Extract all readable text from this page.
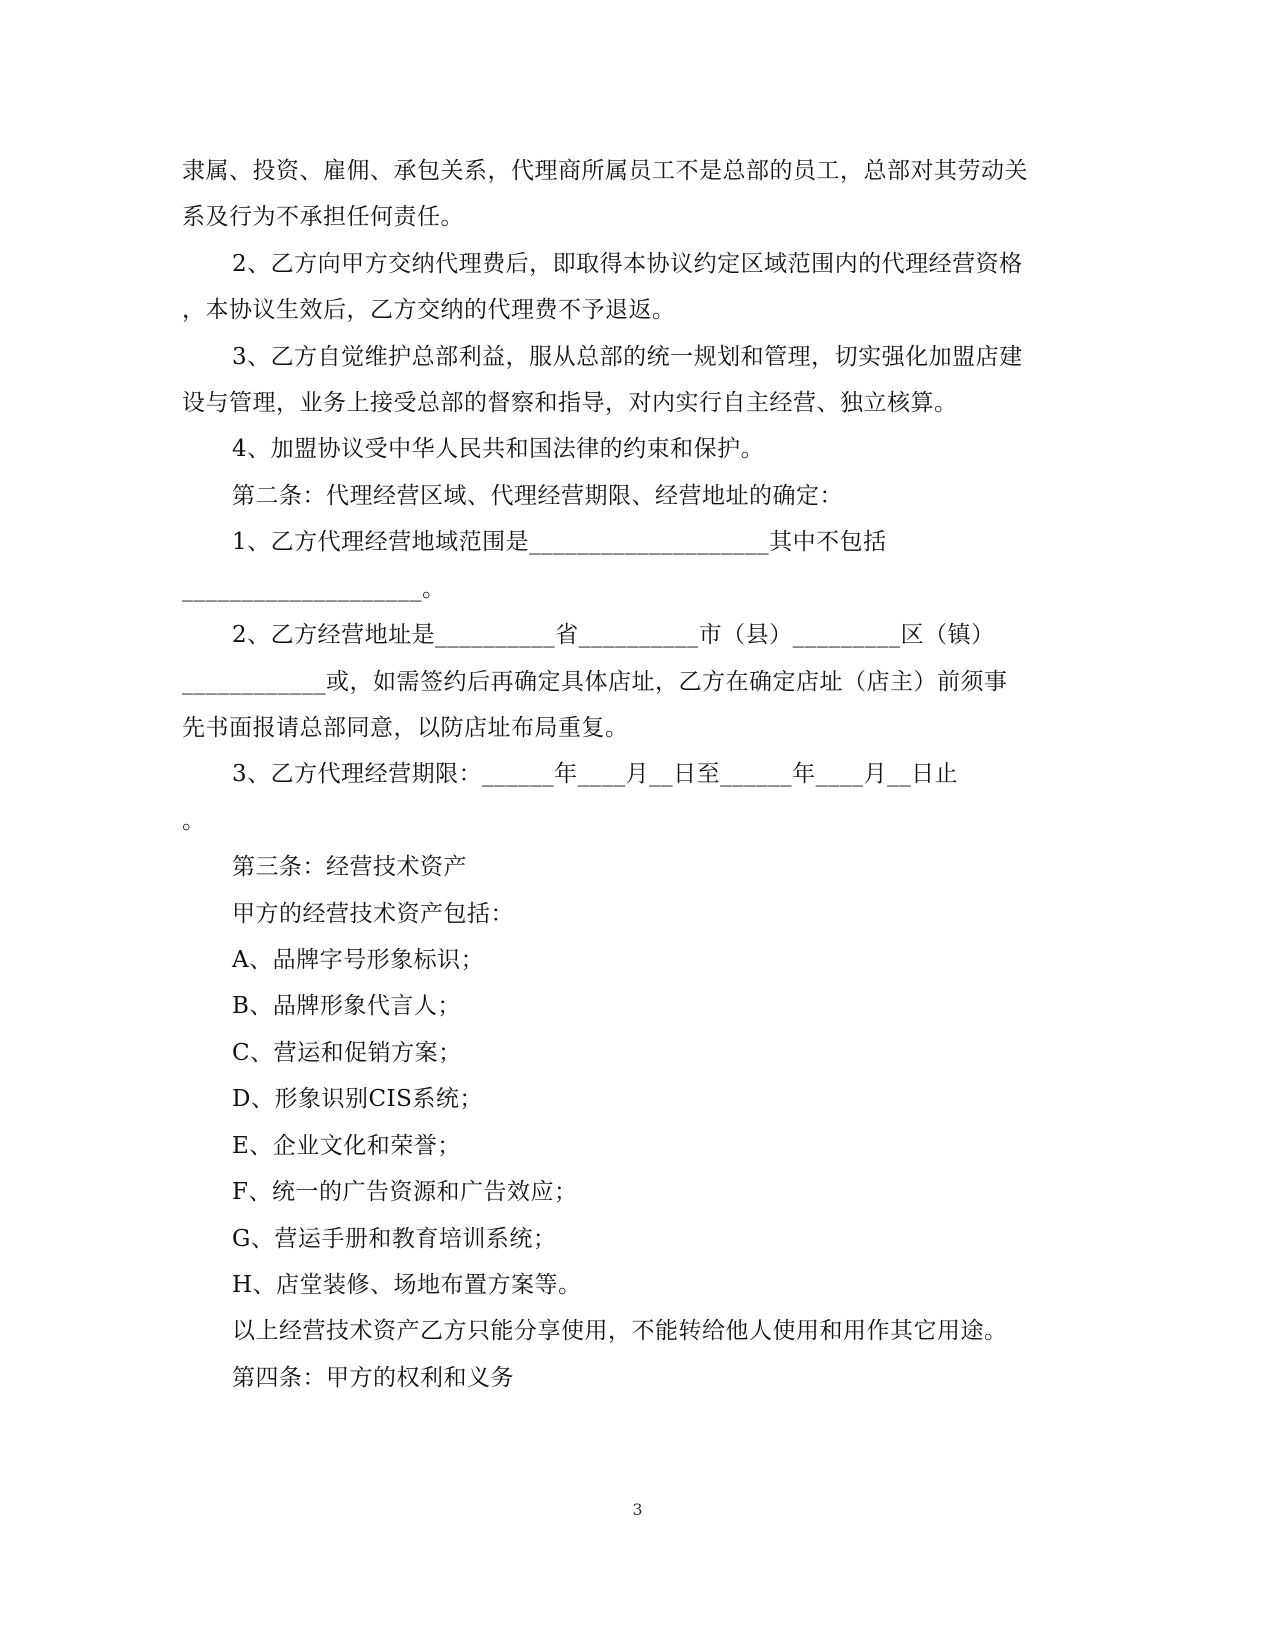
隶属、投资、雇佣、承包关系，代理商所属员工不是总部的员工，总部对其劳动关
系及行为不承担任何责任。
2、乙方向甲方交纳代理费后，即取得本协议约定区域范围内的代理经营资格
，本协议生效后，乙方交纳的代理费不予退返。
3、乙方自觉维护总部利益，服从总部的统一规划和管理，切实强化加盟店建
设与管理，业务上接受总部的督察和指导，对内实行自主经营、独立核算。
4、加盟协议受中华人民共和国法律的约束和保护。
第二条：代理经营区域、代理经营期限、经营地址的确定：
1、乙方代理经营地域范围是____________________其中不包括
____________________。
2、乙方经营地址是__________省__________市（县）_________区（镇）
____________或，如需签约后再确定具体店址，乙方在确定店址（店主）前须事
先书面报请总部同意，以防店址布局重复。
3、乙方代理经营期限：______年____月__日至______年____月__日止
。
第三条：经营技术资产
甲方的经营技术资产包括：
A、品牌字号形象标识；
B、品牌形象代言人；
C、营运和促销方案；
D、形象识别CIS系统；
E、企业文化和荣誉；
F、统一的广告资源和广告效应；
G、营运手册和教育培训系统；
H、店堂装修、场地布置方案等。
以上经营技术资产乙方只能分享使用，不能转给他人使用和用作其它用途。
第四条：甲方的权利和义务
3
